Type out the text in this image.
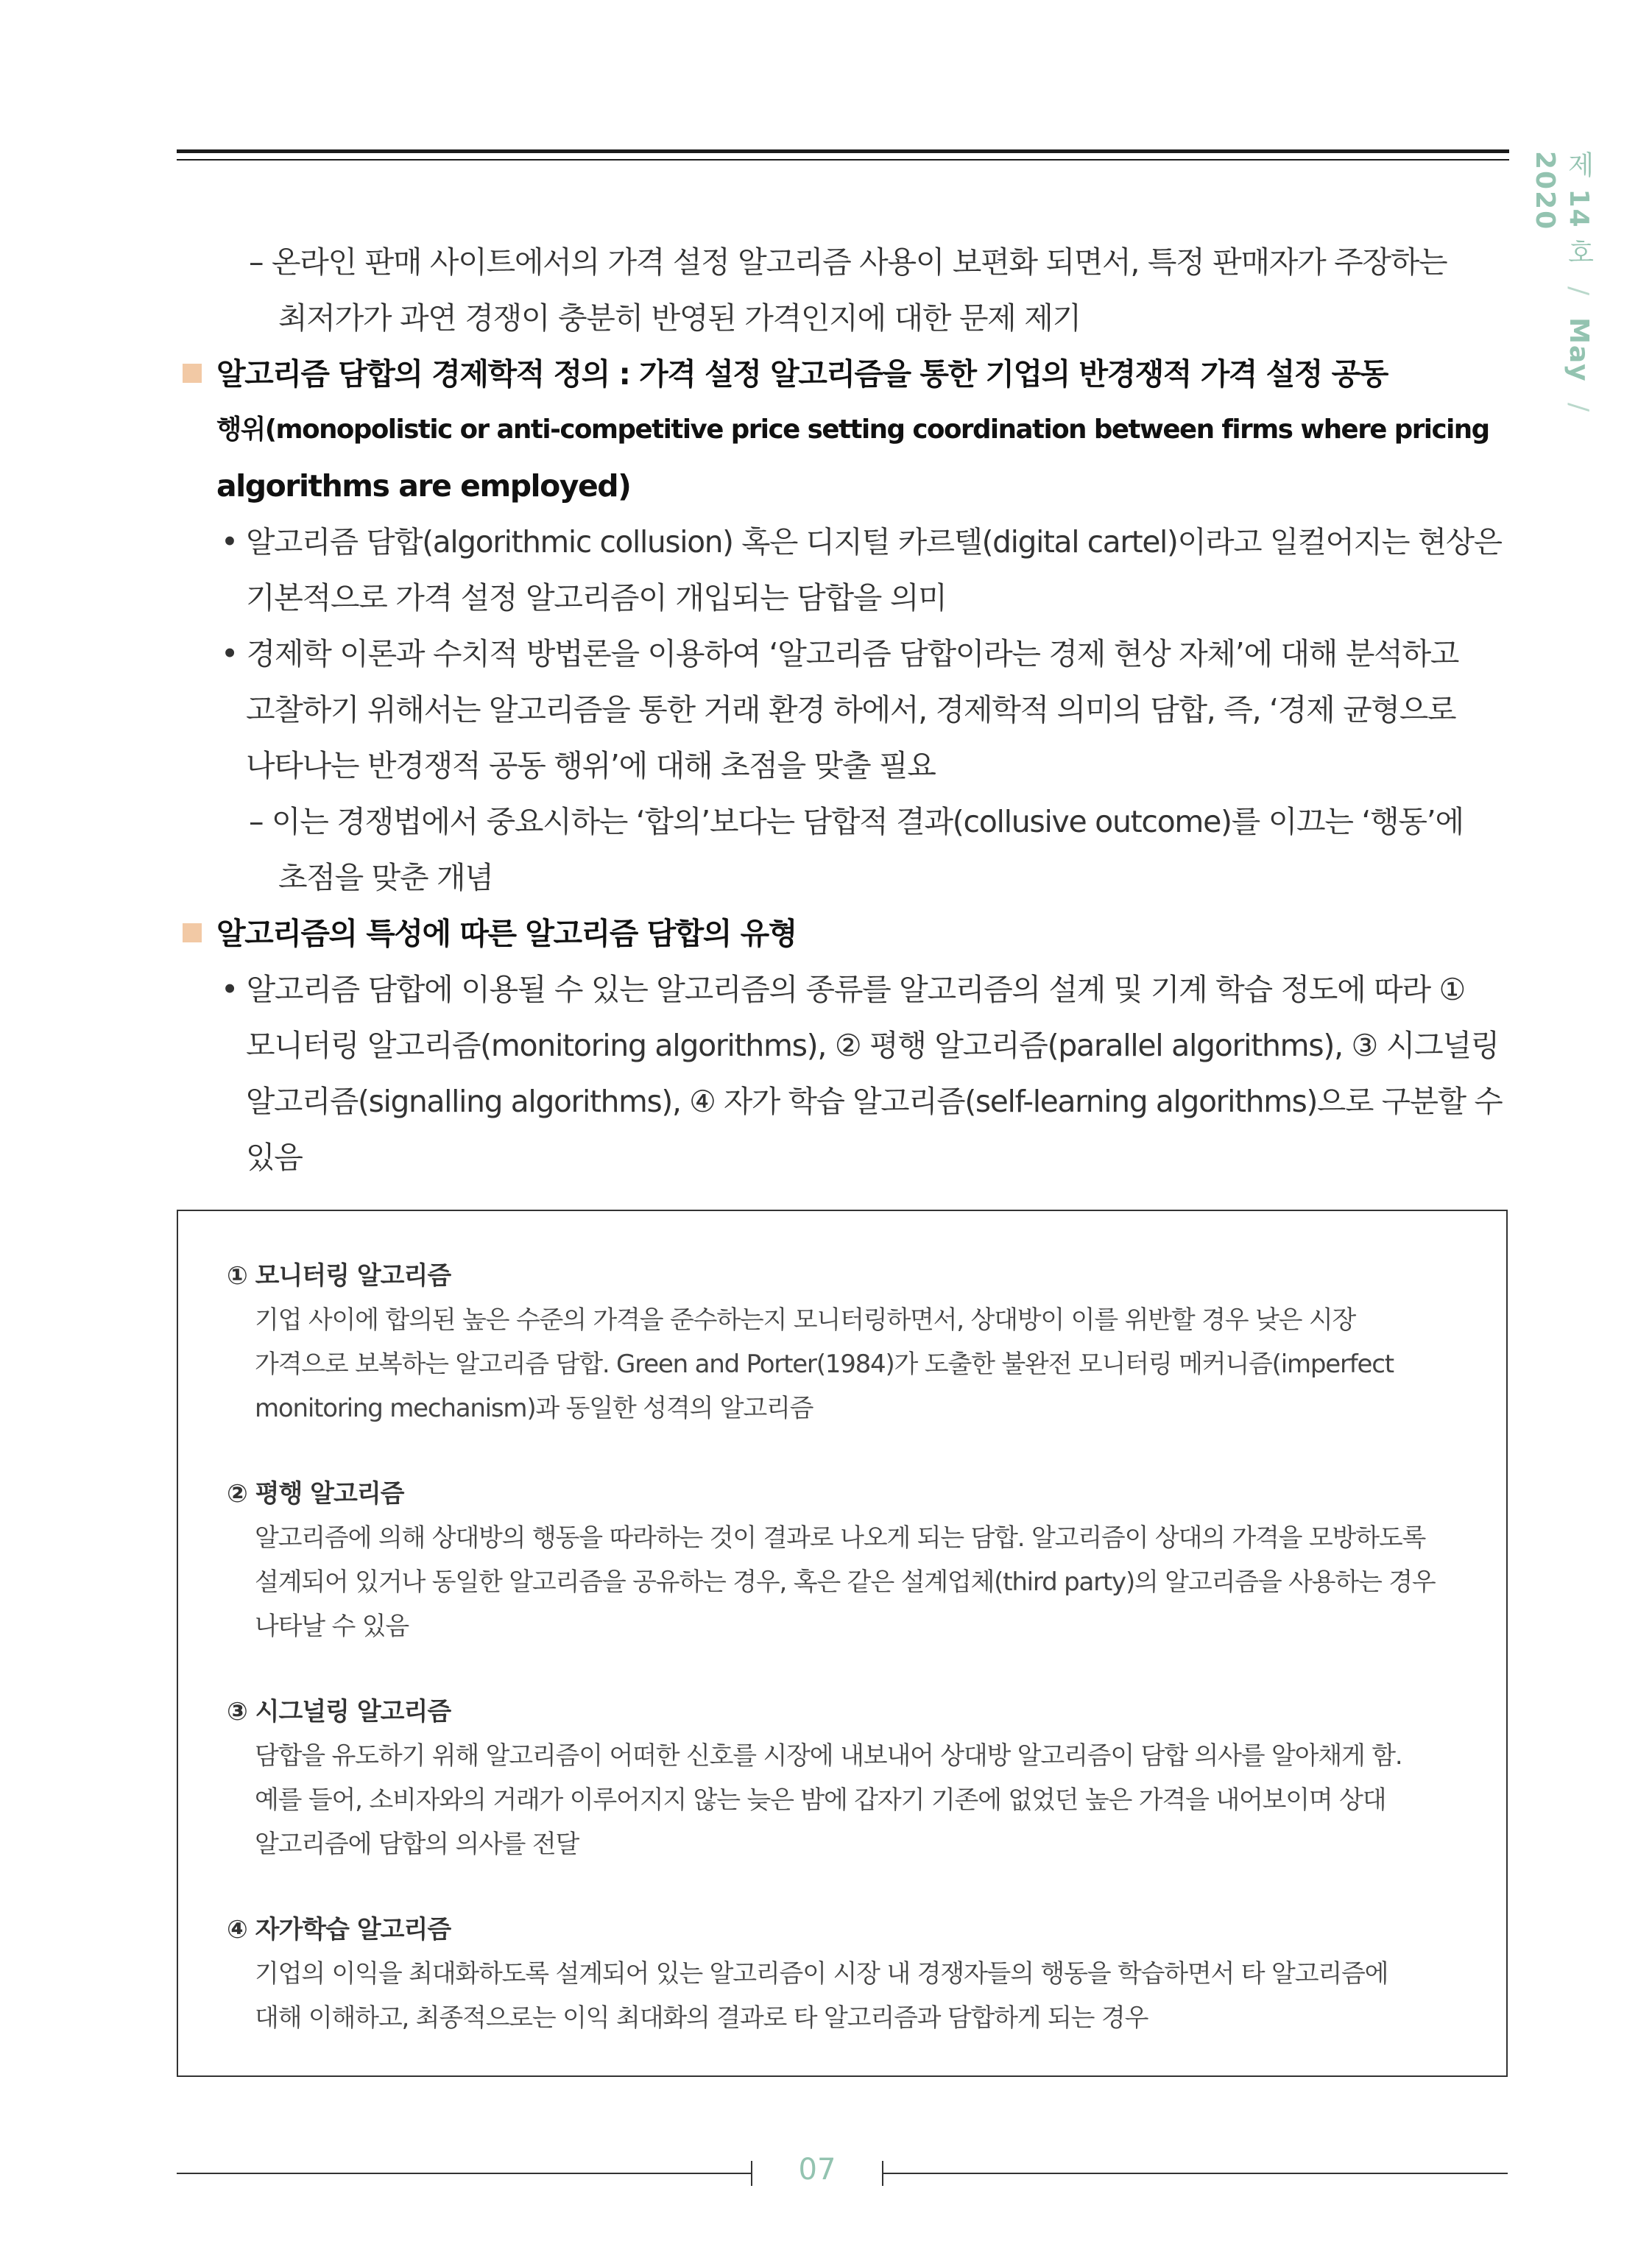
제 14 호 / May / 2020
– 온라인 판매 사이트에서의 가격 설정 알고리즘 사용이 보편화 되면서, 특정 판매자가 주장하는
최저가가 과연 경쟁이 충분히 반영된 가격인지에 대한 문제 제기
알고리즘 담합의 경제학적 정의 : 가격 설정 알고리즘을 통한 기업의 반경쟁적 가격 설정 공동
행위(monopolistic or anti-competitive price setting coordination between firms where pricing
algorithms are employed)
• 알고리즘 담합(algorithmic collusion) 혹은 디지털 카르텔(digital cartel)이라고 일컬어지는 현상은
기본적으로 가격 설정 알고리즘이 개입되는 담합을 의미
• 경제학 이론과 수치적 방법론을 이용하여 ‘알고리즘 담합이라는 경제 현상 자체’에 대해 분석하고
고찰하기 위해서는 알고리즘을 통한 거래 환경 하에서, 경제학적 의미의 담합, 즉, ‘경제 균형으로
나타나는 반경쟁적 공동 행위’에 대해 초점을 맞출 필요
– 이는 경쟁법에서 중요시하는 ‘합의’보다는 담합적 결과(collusive outcome)를 이끄는 ‘행동’에
초점을 맞춘 개념
알고리즘의 특성에 따른 알고리즘 담합의 유형
• 알고리즘 담합에 이용될 수 있는 알고리즘의 종류를 알고리즘의 설계 및 기계 학습 정도에 따라 ①
모니터링 알고리즘(monitoring algorithms), ② 평행 알고리즘(parallel algorithms), ③ 시그널링
알고리즘(signalling algorithms), ④ 자가 학습 알고리즘(self-learning algorithms)으로 구분할 수
있음
① 모니터링 알고리즘
기업 사이에 합의된 높은 수준의 가격을 준수하는지 모니터링하면서, 상대방이 이를 위반할 경우 낮은 시장
가격으로 보복하는 알고리즘 담합. Green and Porter(1984)가 도출한 불완전 모니터링 메커니즘(imperfect
monitoring mechanism)과 동일한 성격의 알고리즘
② 평행 알고리즘
알고리즘에 의해 상대방의 행동을 따라하는 것이 결과로 나오게 되는 담합. 알고리즘이 상대의 가격을 모방하도록
설계되어 있거나 동일한 알고리즘을 공유하는 경우, 혹은 같은 설계업체(third party)의 알고리즘을 사용하는 경우
나타날 수 있음
③ 시그널링 알고리즘
담합을 유도하기 위해 알고리즘이 어떠한 신호를 시장에 내보내어 상대방 알고리즘이 담합 의사를 알아채게 함.
예를 들어, 소비자와의 거래가 이루어지지 않는 늦은 밤에 갑자기 기존에 없었던 높은 가격을 내어보이며 상대
알고리즘에 담합의 의사를 전달
④ 자가학습 알고리즘
기업의 이익을 최대화하도록 설계되어 있는 알고리즘이 시장 내 경쟁자들의 행동을 학습하면서 타 알고리즘에
대해 이해하고, 최종적으로는 이익 최대화의 결과로 타 알고리즘과 담합하게 되는 경우
07
